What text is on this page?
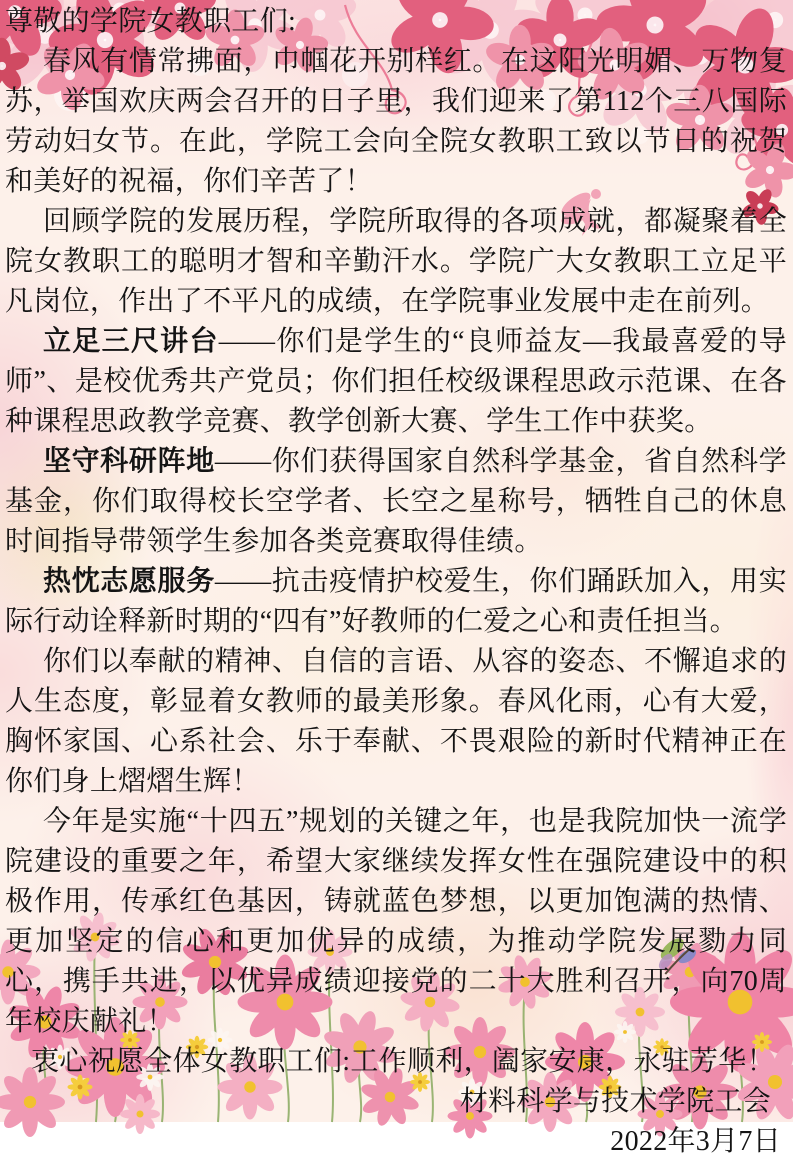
尊敬的学院女教职工们:

春风有情常拂面，巾帼花开别样红。在这阳光明媚、万物复苏，举国欢庆两会召开的日子里，我们迎来了第112个三八国际劳动妇女节。在此，学院工会向全院女教职工致以节日的祝贺和美好的祝福，你们辛苦了！

回顾学院的发展历程，学院所取得的各项成就，都凝聚着全院女教职工的聪明才智和辛勤汗水。学院广大女教职工立足平凡岗位，作出了不平凡的成绩，在学院事业发展中走在前列。

立足三尺讲台——你们是学生的“良师益友—我最喜爱的导师”、是校优秀共产党员；你们担任校级课程思政示范课、在各种课程思政教学竞赛、教学创新大赛、学生工作中获奖。

坚守科研阵地——你们获得国家自然科学基金，省自然科学基金，你们取得校长空学者、长空之星称号，牺牲自己的休息时间指导带领学生参加各类竞赛取得佳绩。

热忱志愿服务——抗击疫情护校爱生，你们踊跃加入，用实际行动诠释新时期的“四有”好教师的仁爱之心和责任担当。

你们以奉献的精神、自信的言语、从容的姿态、不懈追求的人生态度，彰显着女教师的最美形象。春风化雨，心有大爱，胸怀家国、心系社会、乐于奉献、不畏艰险的新时代精神正在你们身上熠熠生辉！

今年是实施“十四五”规划的关键之年，也是我院加快一流学院建设的重要之年，希望大家继续发挥女性在强院建设中的积极作用，传承红色基因，铸就蓝色梦想，以更加饱满的热情、更加坚定的信心和更加优异的成绩，为推动学院发展勠力同心，携手共进，以优异成绩迎接党的二十大胜利召开，向70周年校庆献礼！

衷心祝愿全体女教职工们:工作顺利，阖家安康，永驻芳华！

材料科学与技术学院工会

2022年3月7日
